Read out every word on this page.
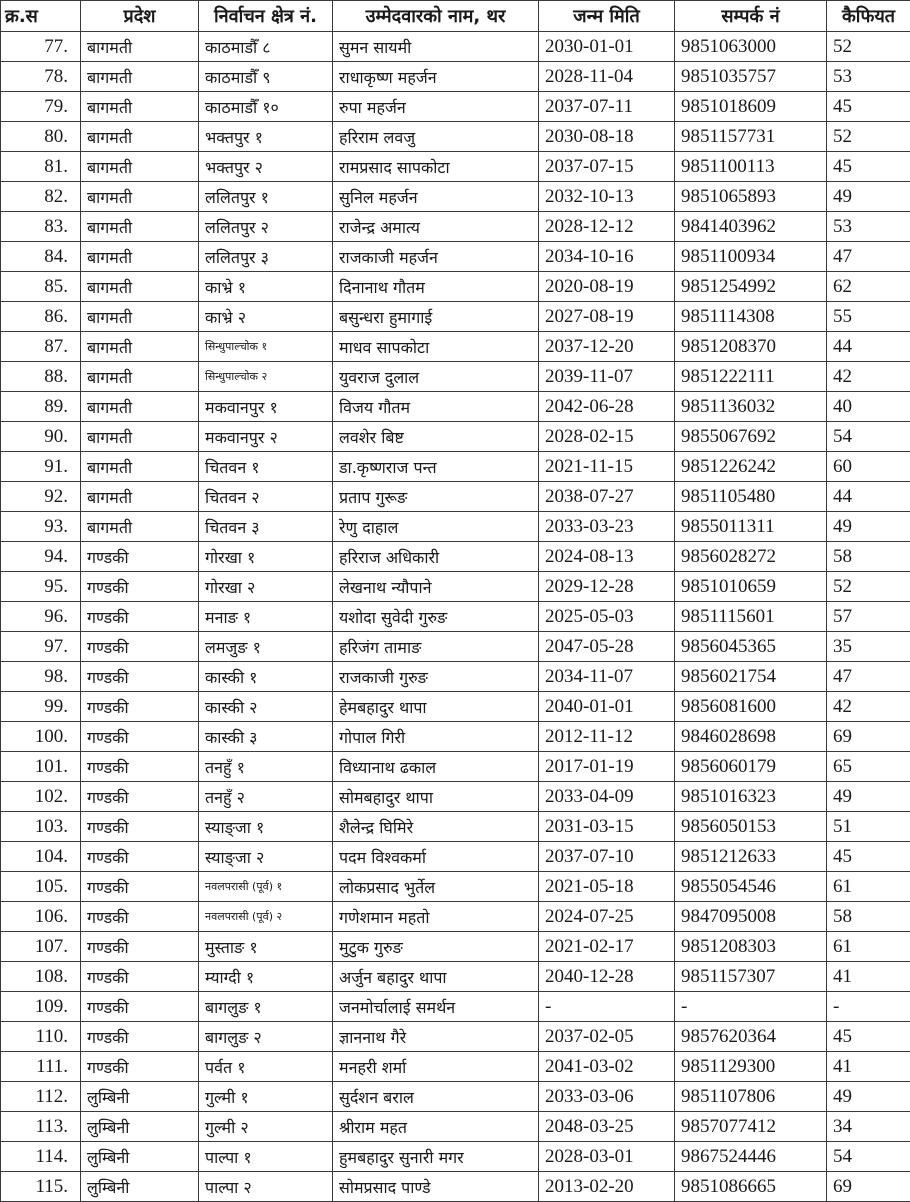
क्र.स	प्रदेश	निर्वाचन क्षेत्र नं.	उम्मेदवारको नाम, थर	जन्म मिति	सम्पर्क नं	कैफियत
77.	बागमती	काठमाडौँ ८	सुमन सायमी	2030-01-01	9851063000	52
78.	बागमती	काठमाडौँ ९	राधाकृष्ण महर्जन	2028-11-04	9851035757	53
79.	बागमती	काठमाडौँ १०	रुपा महर्जन	2037-07-11	9851018609	45
80.	बागमती	भक्तपुर १	हरिराम लवजु	2030-08-18	9851157731	52
81.	बागमती	भक्तपुर २	रामप्रसाद सापकोटा	2037-07-15	9851100113	45
82.	बागमती	ललितपुर १	सुनिल महर्जन	2032-10-13	9851065893	49
83.	बागमती	ललितपुर २	राजेन्द्र अमात्य	2028-12-12	9841403962	53
84.	बागमती	ललितपुर ३	राजकाजी महर्जन	2034-10-16	9851100934	47
85.	बागमती	काभ्रे १	दिनानाथ गौतम	2020-08-19	9851254992	62
86.	बागमती	काभ्रे २	बसुन्धरा हुमागाई	2027-08-19	9851114308	55
87.	बागमती	सिन्धुपाल्चोक १	माधव सापकोटा	2037-12-20	9851208370	44
88.	बागमती	सिन्धुपाल्चोक २	युवराज दुलाल	2039-11-07	9851222111	42
89.	बागमती	मकवानपुर १	विजय गौतम	2042-06-28	9851136032	40
90.	बागमती	मकवानपुर २	लवशेर बिष्ट	2028-02-15	9855067692	54
91.	बागमती	चितवन १	डा.कृष्णराज पन्त	2021-11-15	9851226242	60
92.	बागमती	चितवन २	प्रताप गुरूङ	2038-07-27	9851105480	44
93.	बागमती	चितवन ३	रेणु दाहाल	2033-03-23	9855011311	49
94.	गण्डकी	गोरखा १	हरिराज अधिकारी	2024-08-13	9856028272	58
95.	गण्डकी	गोरखा २	लेखनाथ न्यौपाने	2029-12-28	9851010659	52
96.	गण्डकी	मनाङ १	यशोदा सुवेदी गुरुङ	2025-05-03	9851115601	57
97.	गण्डकी	लमजुङ १	हरिजंग तामाङ	2047-05-28	9856045365	35
98.	गण्डकी	कास्की १	राजकाजी गुरुङ	2034-11-07	9856021754	47
99.	गण्डकी	कास्की २	हेमबहादुर थापा	2040-01-01	9856081600	42
100.	गण्डकी	कास्की ३	गोपाल गिरी	2012-11-12	9846028698	69
101.	गण्डकी	तनहुँ १	विध्यानाथ ढकाल	2017-01-19	9856060179	65
102.	गण्डकी	तनहुँ २	सोमबहादुर थापा	2033-04-09	9851016323	49
103.	गण्डकी	स्याङ्जा १	शैलेन्द्र घिमिरे	2031-03-15	9856050153	51
104.	गण्डकी	स्याङ्जा २	पदम विश्वकर्मा	2037-07-10	9851212633	45
105.	गण्डकी	नवलपरासी (पूर्व) १	लोकप्रसाद भुर्तेल	2021-05-18	9855054546	61
106.	गण्डकी	नवलपरासी (पूर्व) २	गणेशमान महतो	2024-07-25	9847095008	58
107.	गण्डकी	मुस्ताङ १	मुटुक गुरुङ	2021-02-17	9851208303	61
108.	गण्डकी	म्याग्दी १	अर्जुन बहादुर थापा	2040-12-28	9851157307	41
109.	गण्डकी	बागलुङ १	जनमोर्चालाई समर्थन	-	-	-
110.	गण्डकी	बागलुङ २	ज्ञाननाथ गैरे	2037-02-05	9857620364	45
111.	गण्डकी	पर्वत १	मनहरी शर्मा	2041-03-02	9851129300	41
112.	लुम्बिनी	गुल्मी १	सुर्दशन बराल	2033-03-06	9851107806	49
113.	लुम्बिनी	गुल्मी २	श्रीराम महत	2048-03-25	9857077412	34
114.	लुम्बिनी	पाल्पा १	हुमबहादुर सुनारी मगर	2028-03-01	9867524446	54
115.	लुम्बिनी	पाल्पा २	सोमप्रसाद पाण्डे	2013-02-20	9851086665	69
